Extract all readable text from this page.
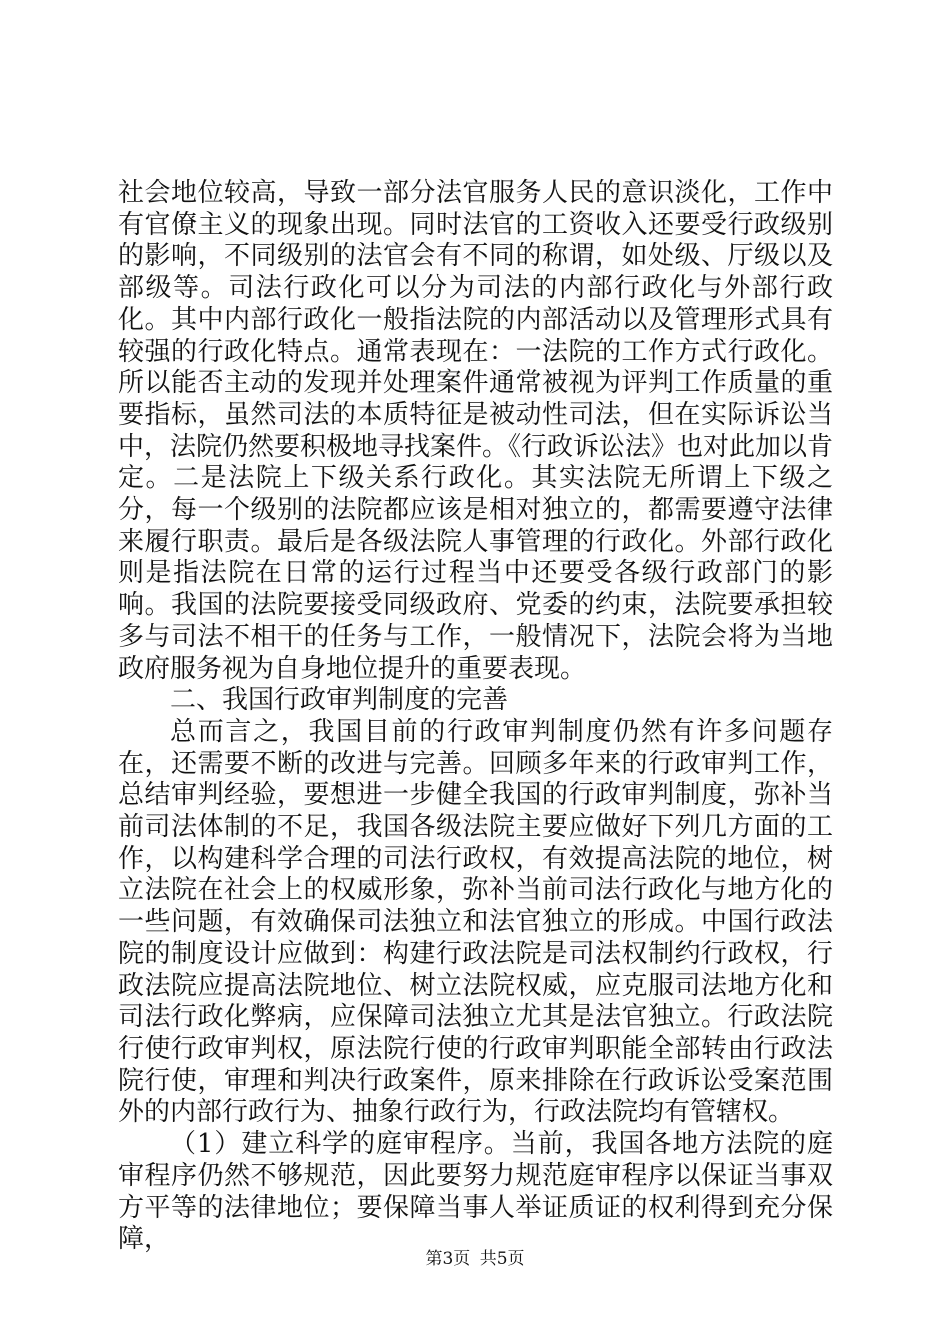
社会地位较高，导致一部分法官服务人民的意识淡化，工作中有官僚主义的现象出现。同时法官的工资收入还要受行政级别的影响，不同级别的法官会有不同的称谓，如处级、厅级以及部级等。司法行政化可以分为司法的内部行政化与外部行政化。其中内部行政化一般指法院的内部活动以及管理形式具有较强的行政化特点。通常表现在：一法院的工作方式行政化。所以能否主动的发现并处理案件通常被视为评判工作质量的重要指标，虽然司法的本质特征是被动性司法，但在实际诉讼当中，法院仍然要积极地寻找案件。《行政诉讼法》也对此加以肯定。二是法院上下级关系行政化。其实法院无所谓上下级之分，每一个级别的法院都应该是相对独立的，都需要遵守法律来履行职责。最后是各级法院人事管理的行政化。外部行政化则是指法院在日常的运行过程当中还要受各级行政部门的影响。我国的法院要接受同级政府、党委的约束，法院要承担较多与司法不相干的任务与工作，一般情况下，法院会将为当地政府服务视为自身地位提升的重要表现。

二、我国行政审判制度的完善

总而言之，我国目前的行政审判制度仍然有许多问题存在，还需要不断的改进与完善。回顾多年来的行政审判工作，总结审判经验，要想进一步健全我国的行政审判制度，弥补当前司法体制的不足，我国各级法院主要应做好下列几方面的工作，以构建科学合理的司法行政权，有效提高法院的地位，树立法院在社会上的权威形象，弥补当前司法行政化与地方化的一些问题，有效确保司法独立和法官独立的形成。中国行政法院的制度设计应做到：构建行政法院是司法权制约行政权，行政法院应提高法院地位、树立法院权威，应克服司法地方化和司法行政化弊病，应保障司法独立尤其是法官独立。行政法院行使行政审判权，原法院行使的行政审判职能全部转由行政法院行使，审理和判决行政案件，原来排除在行政诉讼受案范围外的内部行政行为、抽象行政行为，行政法院均有管辖权。

（1）建立科学的庭审程序。当前，我国各地方法院的庭审程序仍然不够规范，因此要努力规范庭审程序以保证当事双方平等的法律地位；要保障当事人举证质证的权利得到充分保障，

第3页 共5页
